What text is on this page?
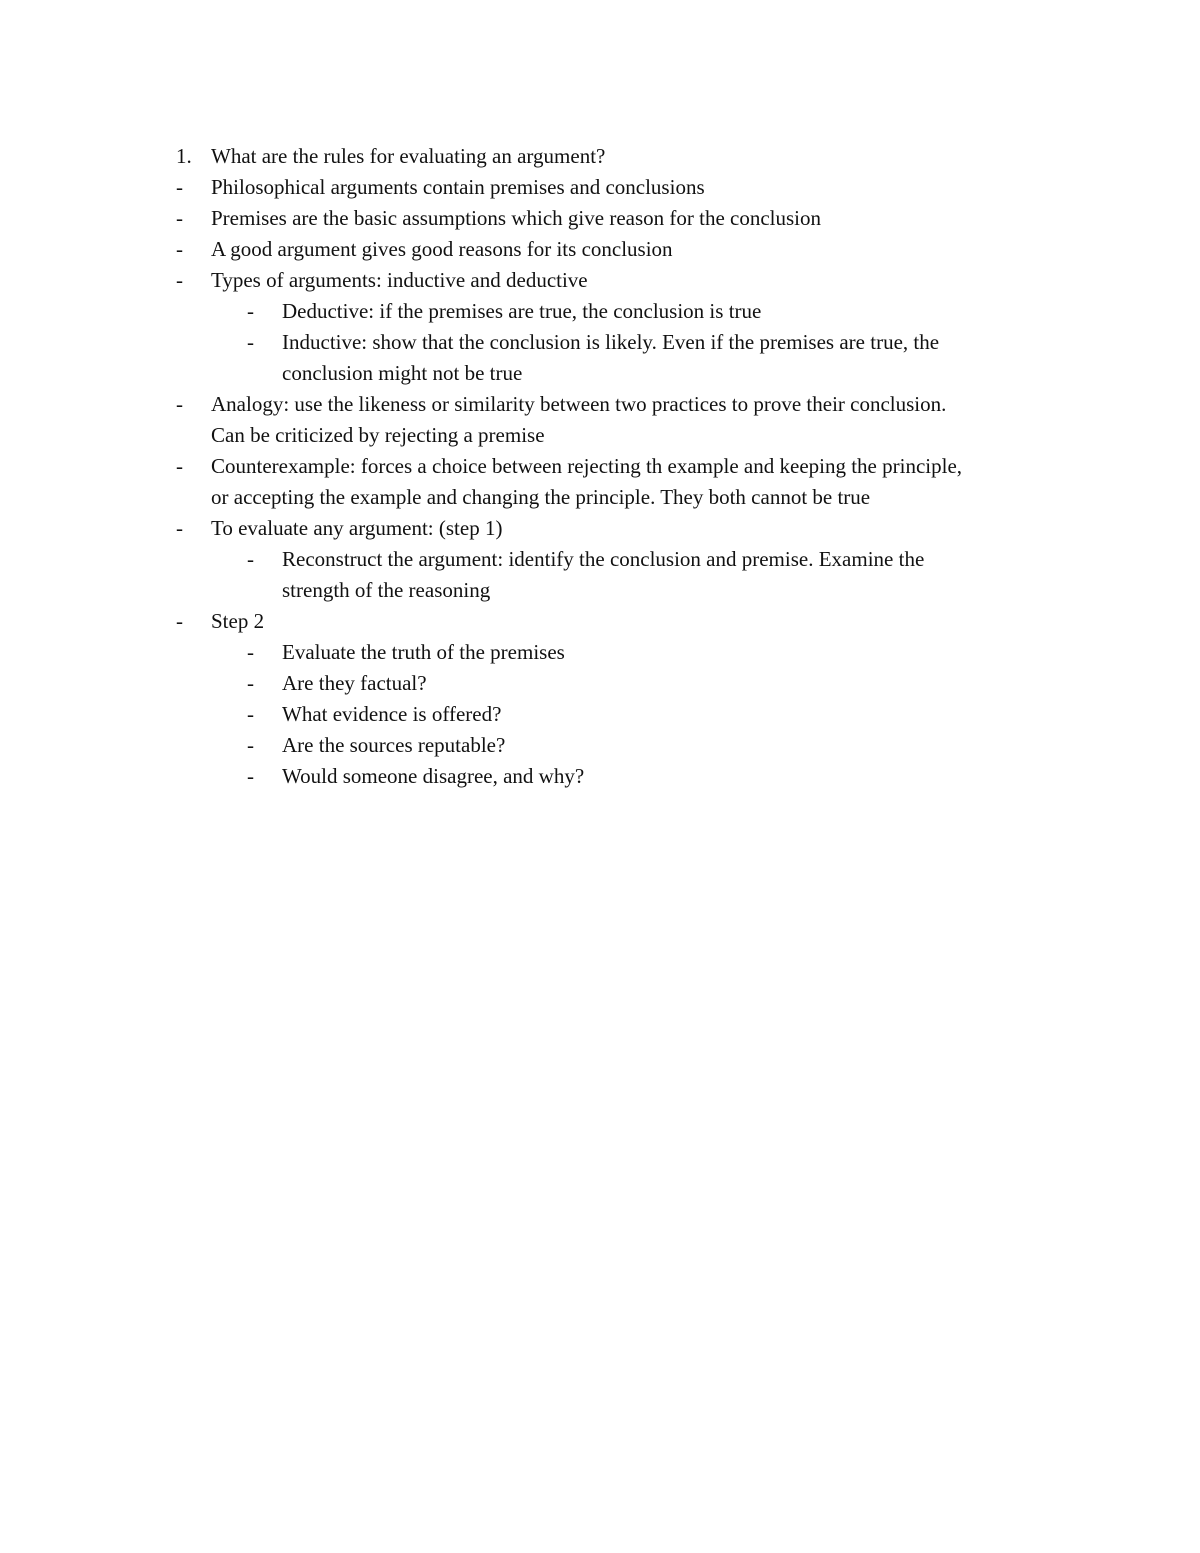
1. What are the rules for evaluating an argument?
- Philosophical arguments contain premises and conclusions
- Premises are the basic assumptions which give reason for the conclusion
- A good argument gives good reasons for its conclusion
- Types of arguments: inductive and deductive
- Deductive: if the premises are true, the conclusion is true
- Inductive: show that the conclusion is likely. Even if the premises are true, the
conclusion might not be true
- Analogy: use the likeness or similarity between two practices to prove their conclusion.
Can be criticized by rejecting a premise
- Counterexample: forces a choice between rejecting th example and keeping the principle,
or accepting the example and changing the principle. They both cannot be true
- To evaluate any argument: (step 1)
- Reconstruct the argument: identify the conclusion and premise. Examine the
strength of the reasoning
- Step 2
- Evaluate the truth of the premises
- Are they factual?
- What evidence is offered?
- Are the sources reputable?
- Would someone disagree, and why?
